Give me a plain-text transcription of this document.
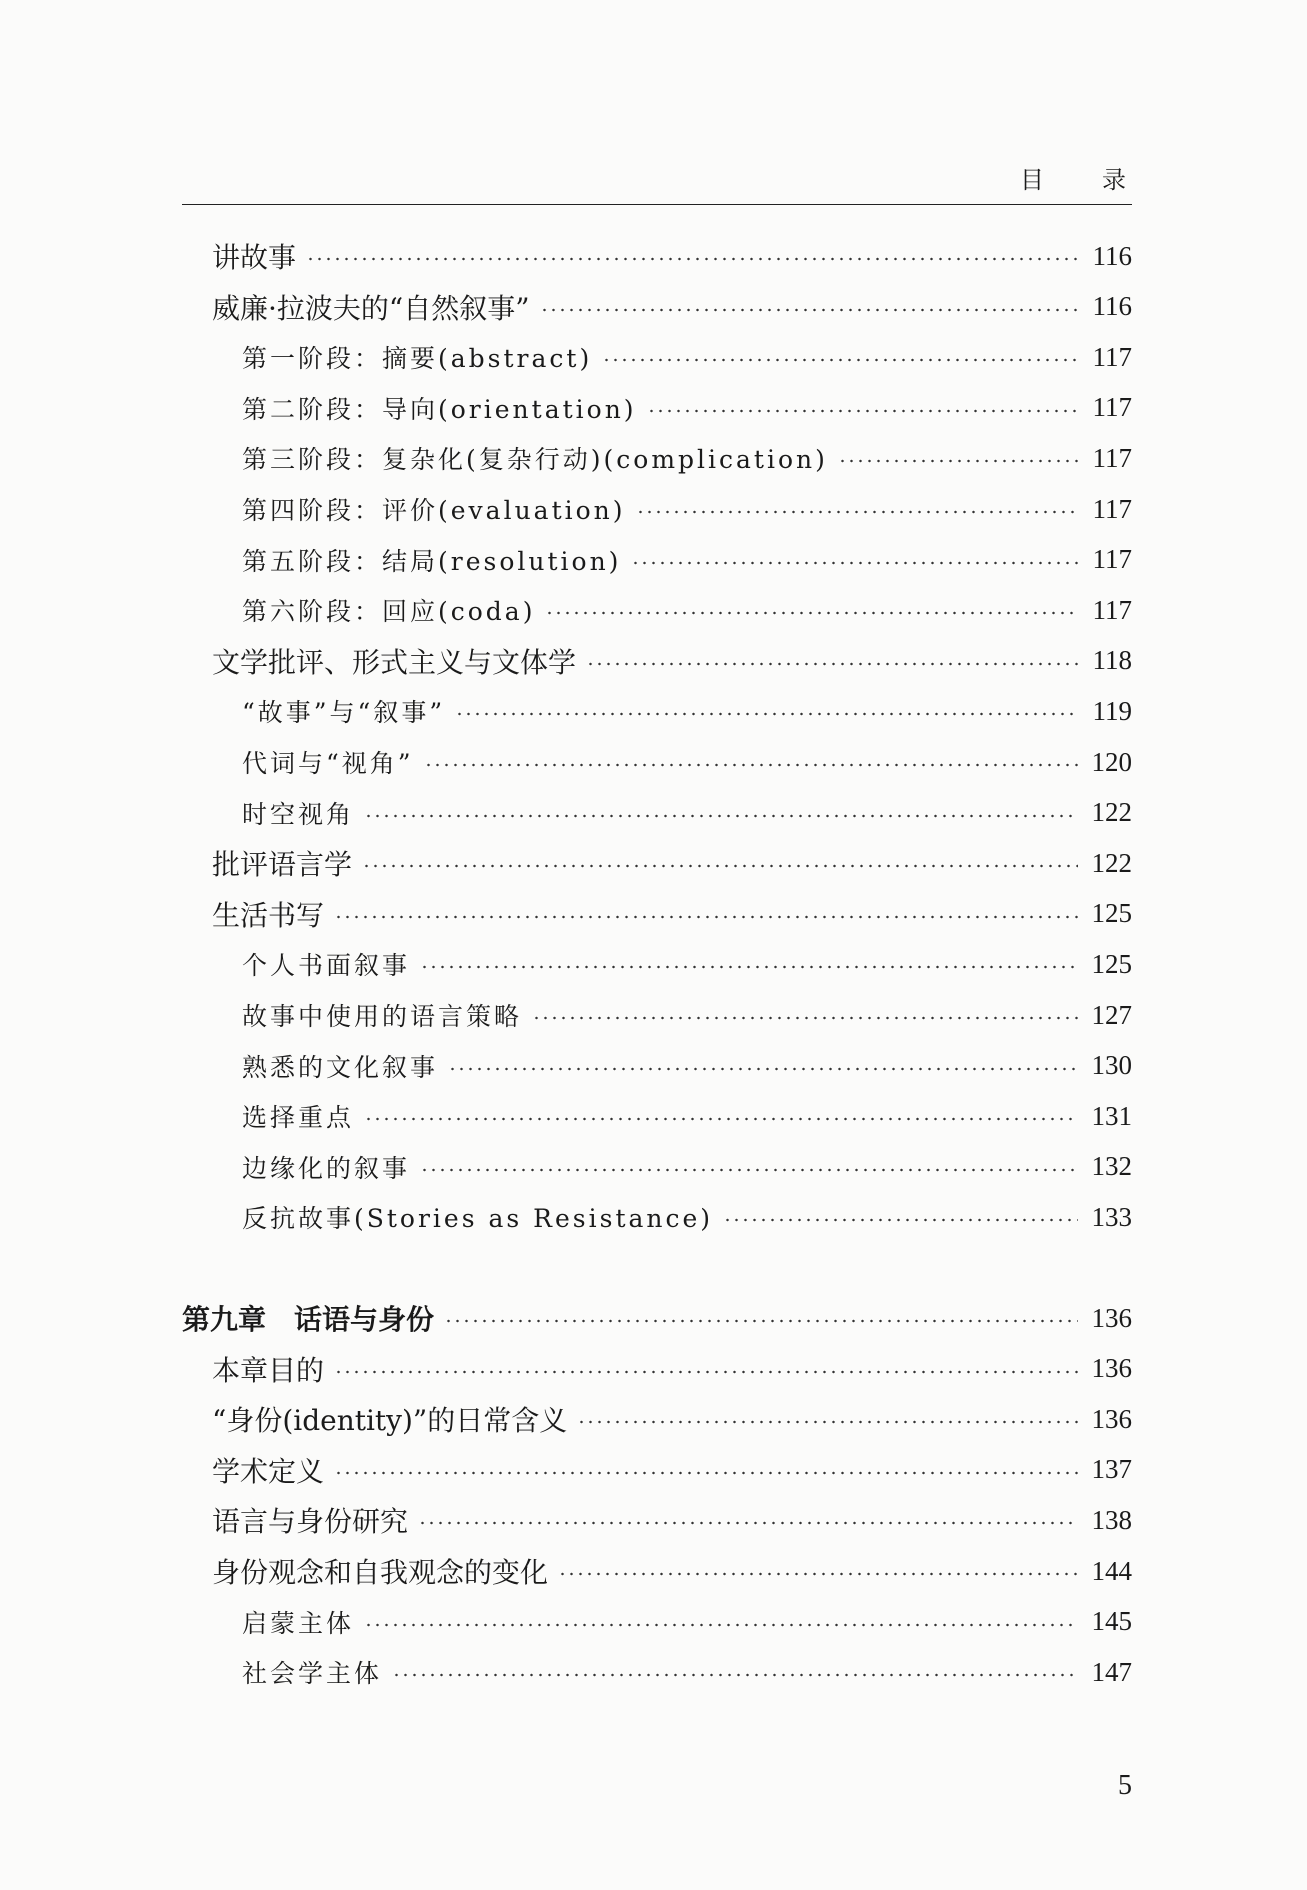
目 录
讲故事	116
威廉·拉波夫的“自然叙事”	116
第一阶段：摘要(abstract)	117
第二阶段：导向(orientation)	117
第三阶段：复杂化(复杂行动)(complication)	117
第四阶段：评价(evaluation)	117
第五阶段：结局(resolution)	117
第六阶段：回应(coda)	117
文学批评、形式主义与文体学	118
“故事”与“叙事”	119
代词与“视角”	120
时空视角	122
批评语言学	122
生活书写	125
个人书面叙事	125
故事中使用的语言策略	127
熟悉的文化叙事	130
选择重点	131
边缘化的叙事	132
反抗故事(Stories as Resistance)	133
第九章　话语与身份	136
本章目的	136
“身份(identity)”的日常含义	136
学术定义	137
语言与身份研究	138
身份观念和自我观念的变化	144
启蒙主体	145
社会学主体	147
5
